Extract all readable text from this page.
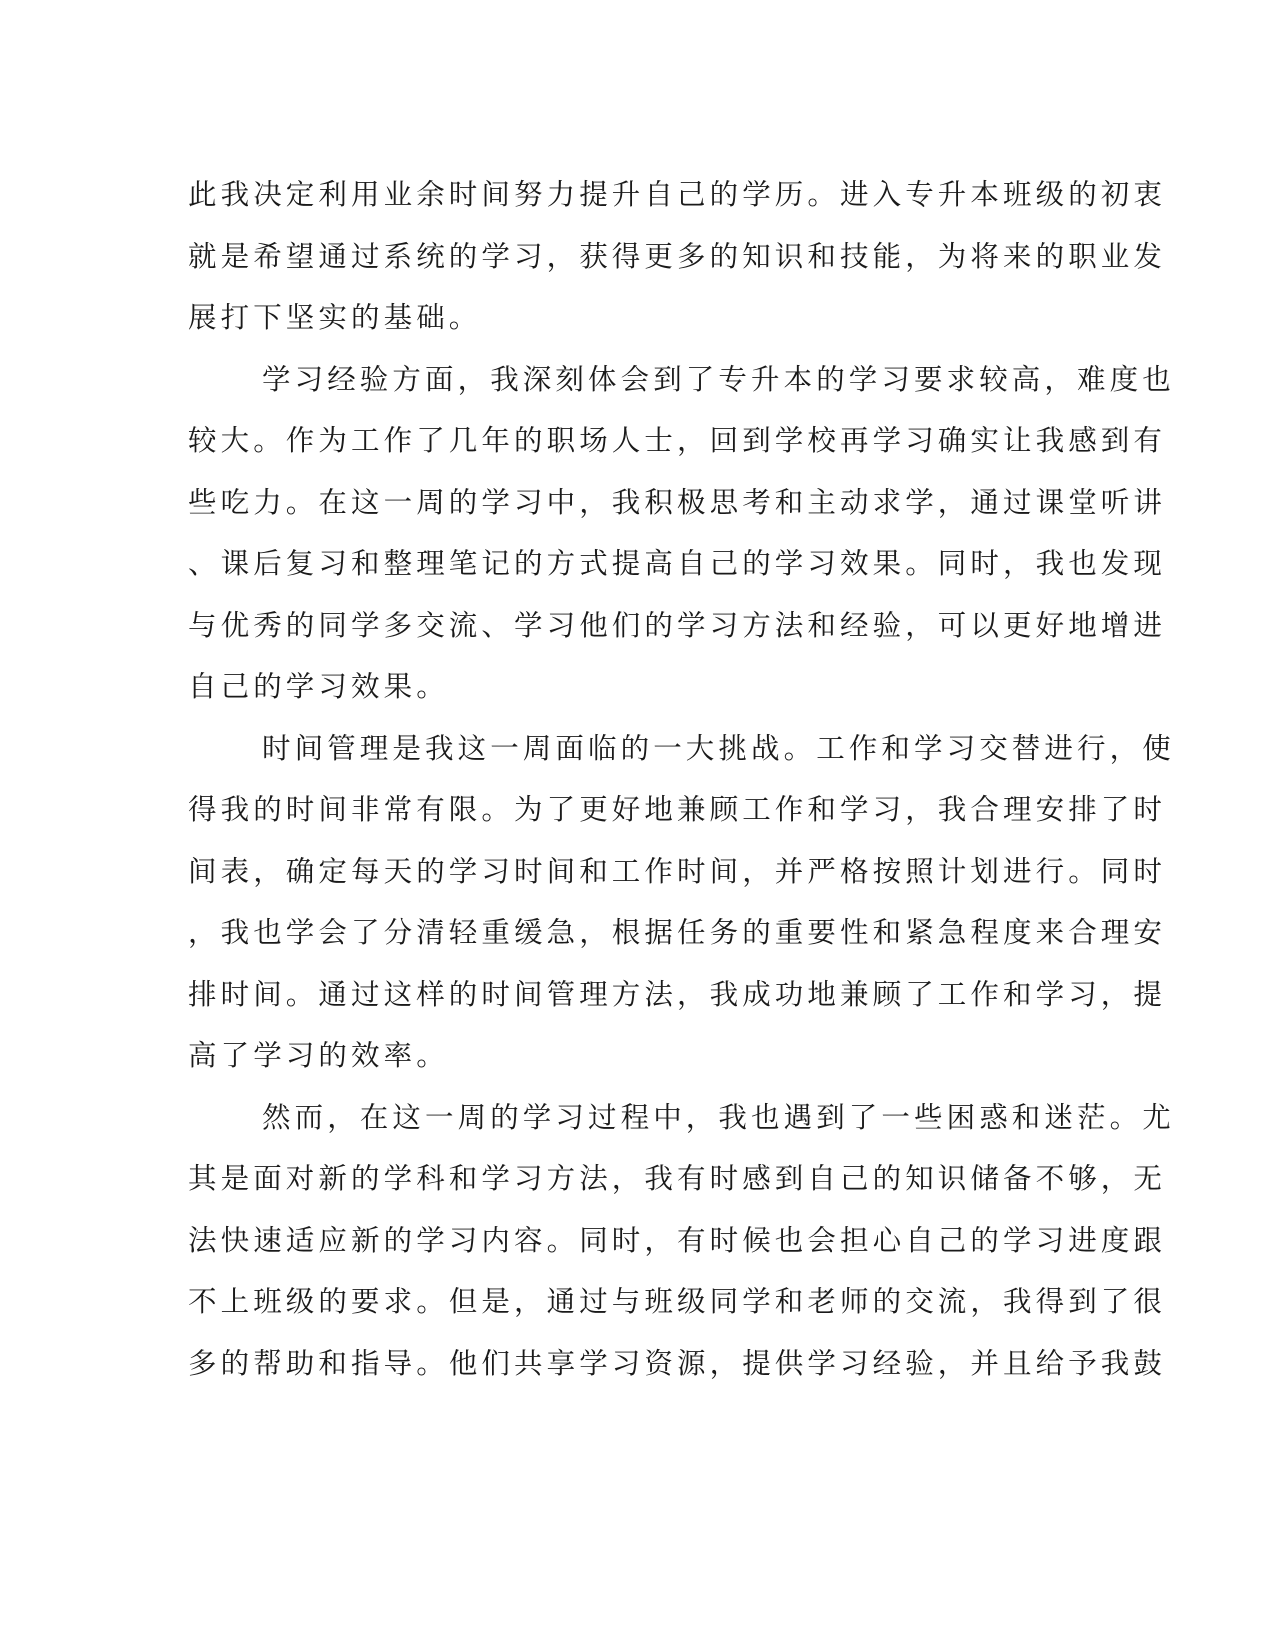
此我决定利用业余时间努力提升自己的学历。进入专升本班级的初衷
就是希望通过系统的学习，获得更多的知识和技能，为将来的职业发
展打下坚实的基础。
学习经验方面，我深刻体会到了专升本的学习要求较高，难度也
较大。作为工作了几年的职场人士，回到学校再学习确实让我感到有
些吃力。在这一周的学习中，我积极思考和主动求学，通过课堂听讲
、课后复习和整理笔记的方式提高自己的学习效果。同时，我也发现
与优秀的同学多交流、学习他们的学习方法和经验，可以更好地增进
自己的学习效果。
时间管理是我这一周面临的一大挑战。工作和学习交替进行，使
得我的时间非常有限。为了更好地兼顾工作和学习，我合理安排了时
间表，确定每天的学习时间和工作时间，并严格按照计划进行。同时
，我也学会了分清轻重缓急，根据任务的重要性和紧急程度来合理安
排时间。通过这样的时间管理方法，我成功地兼顾了工作和学习，提
高了学习的效率。
然而，在这一周的学习过程中，我也遇到了一些困惑和迷茫。尤
其是面对新的学科和学习方法，我有时感到自己的知识储备不够，无
法快速适应新的学习内容。同时，有时候也会担心自己的学习进度跟
不上班级的要求。但是，通过与班级同学和老师的交流，我得到了很
多的帮助和指导。他们共享学习资源，提供学习经验，并且给予我鼓
